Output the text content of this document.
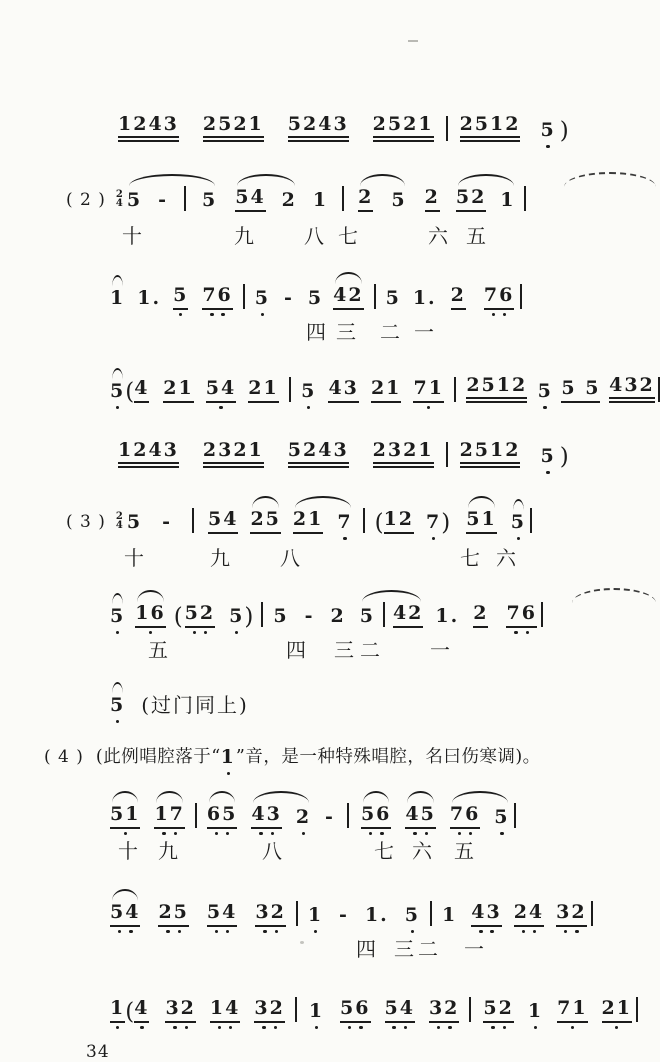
1243 2521 5243 2521 2512 5 )
( 2 ) 2
4 5 - 5 54 2 1 2 5 2 52 1
十	九 八 七	六 五
1 1. 5 76 5 - 5 42 5 1. 2 76
四 三 二 一
5 ( 4 21 54 21 5 43 21 71 2512 5 5 5 432
1243 2321 5243 2321 2512 5 )
( 3 ) 2
4 5 - 54 25 21 7 ( 12 7 ) 51 5
十	九 八	七 六
5 16 ( 52 5 ) 5 - 2 5 42 1. 2 76
五	四 三 二 一
5 (过门同上)
( 4 ) (此例唱腔落于“ 1 ”音，是一种特殊唱腔，名曰伤寒调)。
51 17 65 43 2 - 56 45 76 5
十 九	八	七 六 五
54 25 54 32 1 - 1. 5 1 43 24 32
四 三 二 一
1 ( 4 32 14 32 1 56 54 32 52 1 71 21
34
